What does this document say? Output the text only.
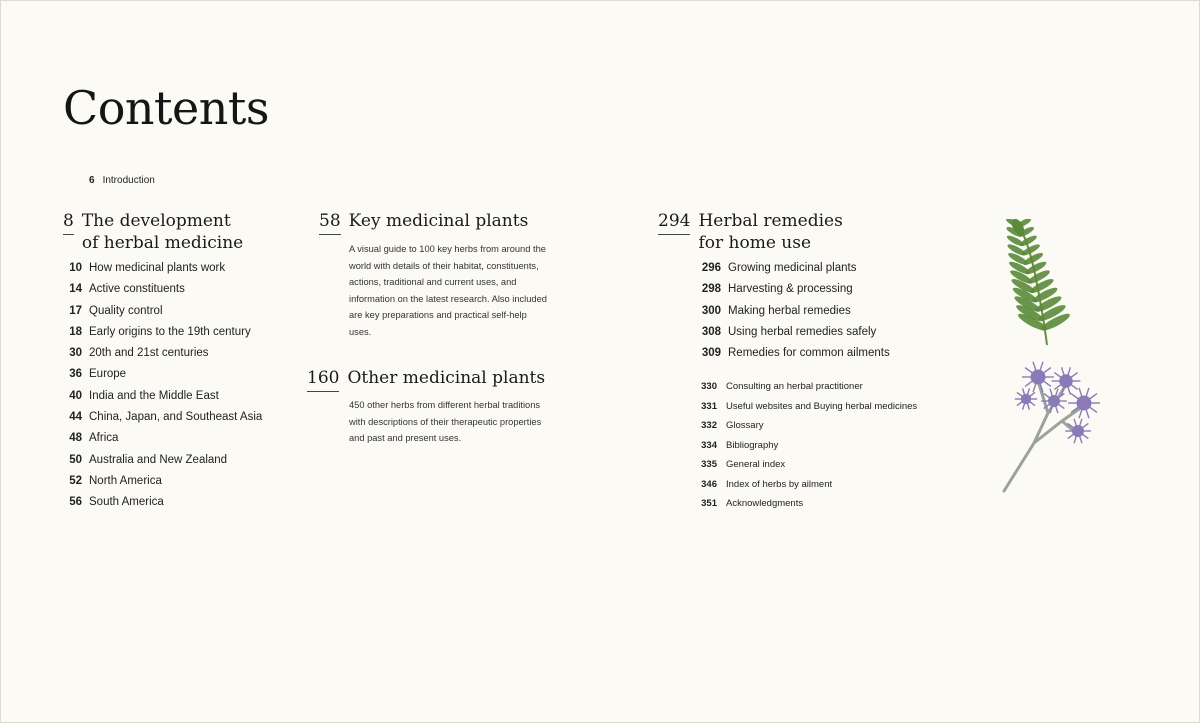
Contents
6 Introduction
8 The development
of herbal medicine
10 How medicinal plants work
14 Active constituents
17 Quality control
18 Early origins to the 19th century
30 20th and 21st centuries
36 Europe
40 India and the Middle East
44 China, Japan, and Southeast Asia
48 Africa
50 Australia and New Zealand
52 North America
56 South America
58 Key medicinal plants

A visual guide to 100 key herbs from around the world with details of their habitat, constituents, actions, traditional and current uses, and information on the latest research. Also included are key preparations and practical self-help uses.

160 Other medicinal plants

450 other herbs from different herbal traditions with descriptions of their therapeutic properties and past and present uses.

294 Herbal remedies
for home use
296 Growing medicinal plants
298 Harvesting & processing
300 Making herbal remedies
308 Using herbal remedies safely
309 Remedies for common ailments
330 Consulting an herbal practitioner
331 Useful websites and Buying herbal medicines
332 Glossary
334 Bibliography
335 General index
346 Index of herbs by ailment
351 Acknowledgments
